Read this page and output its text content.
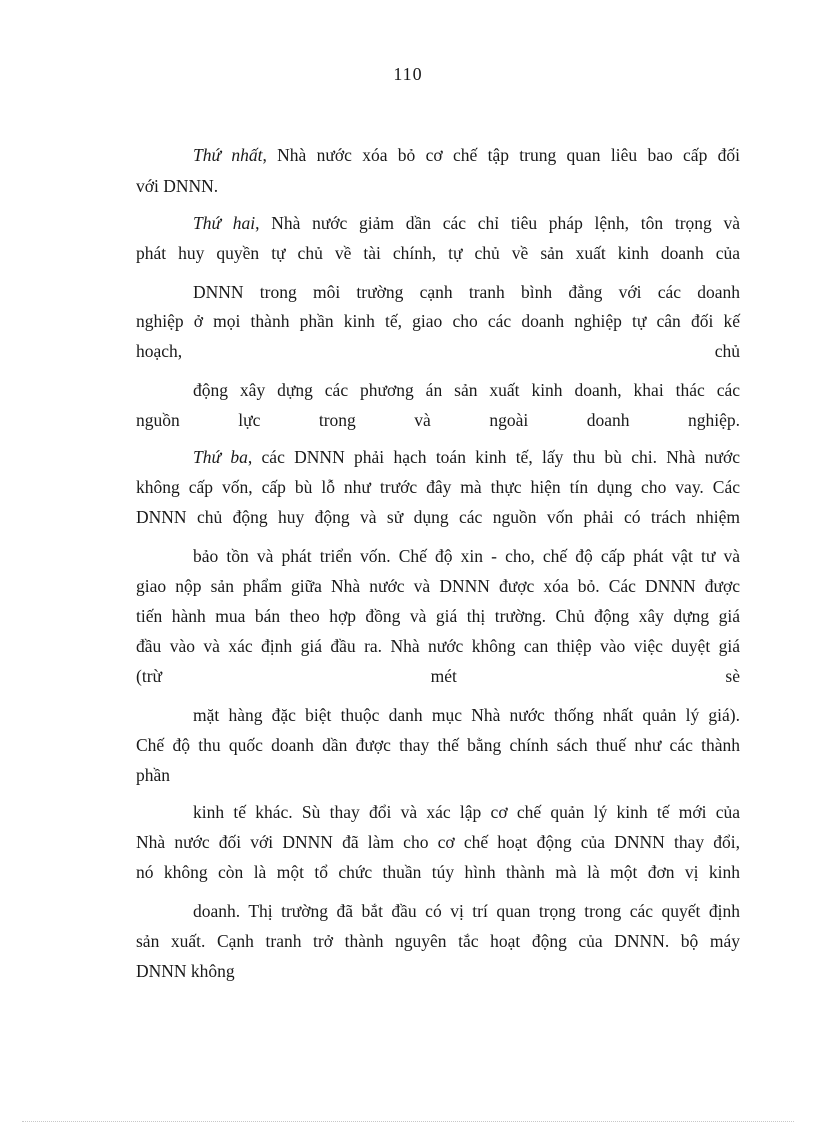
110
Thứ nhất, Nhà nước xóa bỏ cơ chế tập trung quan liêu bao cấp đối
với DNNN.
Thứ hai, Nhà nước giảm dần các chỉ tiêu pháp lệnh, tôn trọng và
phát huy quyền tự chủ về tài chính, tự chủ về sản xuất kinh doanh của
DNNN trong môi trường cạnh tranh bình đẳng với các doanh
nghiệp ở mọi thành phần kinh tế, giao cho các doanh nghiệp tự cân đối kế
hoạch, chủ
động xây dựng các phương án sản xuất kinh doanh, khai thác các
nguồn lực trong và ngoài doanh nghiệp.
Thứ ba, các DNNN phải hạch toán kinh tế, lấy thu bù chi. Nhà nước
không cấp vốn, cấp bù lỗ như trước đây mà thực hiện tín dụng cho vay. Các
DNNN chủ động huy động và sử dụng các nguồn vốn phải có trách nhiệm
bảo tồn và phát triển vốn. Chế độ xin - cho, chế độ cấp phát vật tư và
giao nộp sản phẩm giữa Nhà nước và DNNN được xóa bỏ. Các DNNN được
tiến hành mua bán theo hợp đồng và giá thị trường. Chủ động xây dựng giá
đầu vào và xác định giá đầu ra. Nhà nước không can thiệp vào việc duyệt giá
(trừ mét sè
mặt hàng đặc biệt thuộc danh mục Nhà nước thống nhất quản lý giá).
Chế độ thu quốc doanh dần được thay thế bằng chính sách thuế như các thành
phần
kinh tế khác. Sù thay đổi và xác lập cơ chế quản lý kinh tế mới của
Nhà nước đối với DNNN đã làm cho cơ chế hoạt động của DNNN thay đổi,
nó không còn là một tổ chức thuần túy hình thành mà là một đơn vị kinh
doanh. Thị trường đã bắt đầu có vị trí quan trọng trong các quyết định
sản xuất. Cạnh tranh trở thành nguyên tắc hoạt động của DNNN. bộ máy
DNNN không
